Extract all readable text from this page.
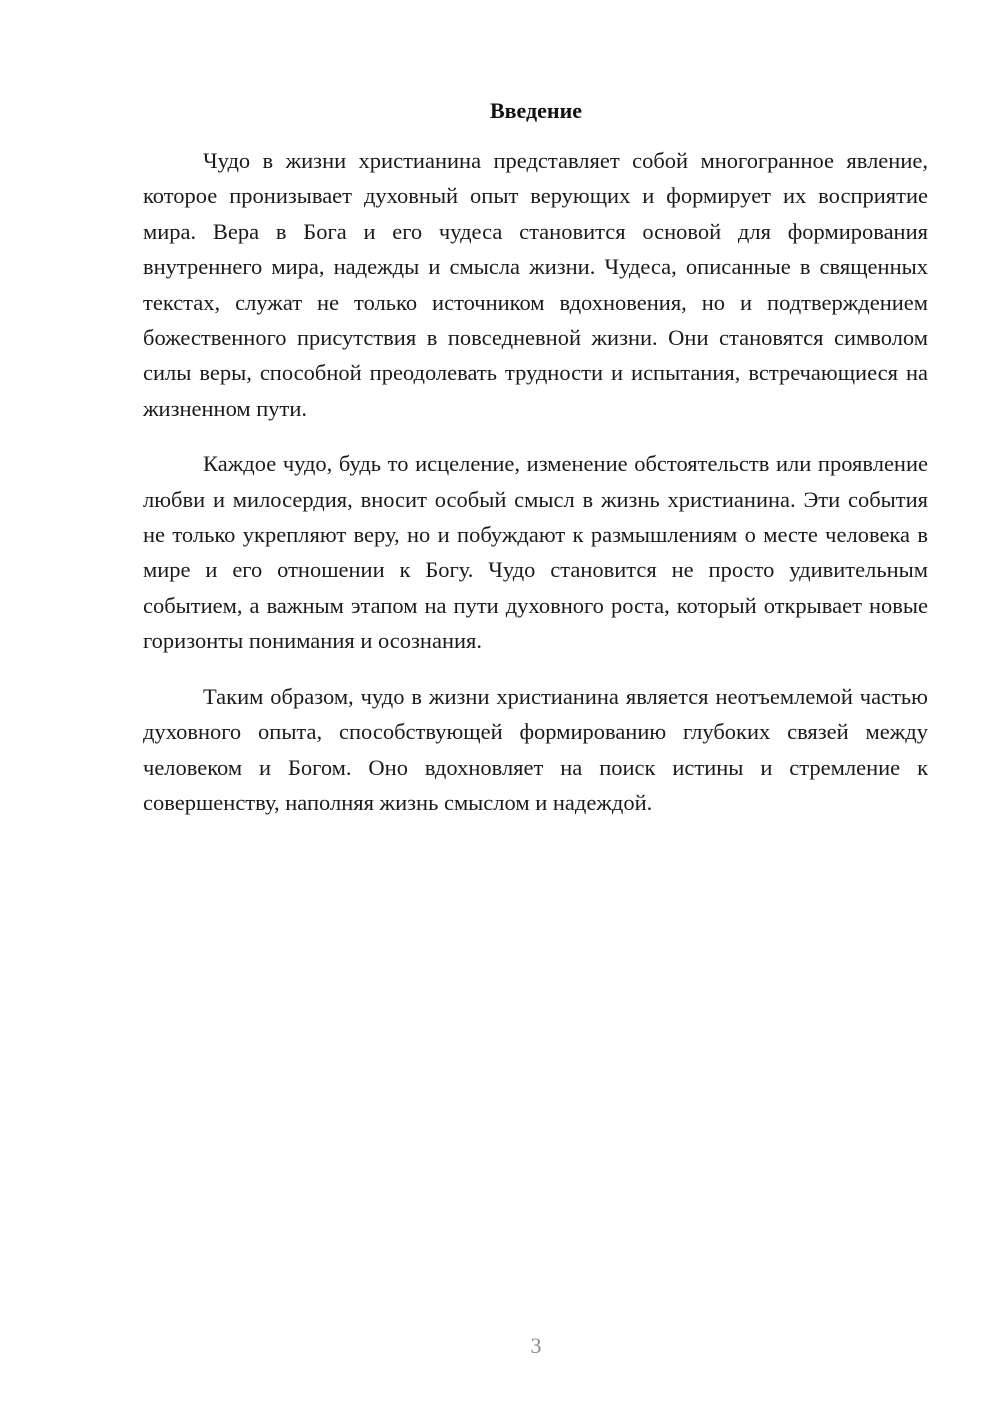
Введение

Чудо в жизни христианина представляет собой многогранное явление, которое пронизывает духовный опыт верующих и формирует их восприятие мира. Вера в Бога и его чудеса становится основой для формирования внутреннего мира, надежды и смысла жизни. Чудеса, описанные в священных текстах, служат не только источником вдохновения, но и подтверждением божественного присутствия в повседневной жизни. Они становятся символом силы веры, способной преодолевать трудности и испытания, встречающиеся на жизненном пути.

Каждое чудо, будь то исцеление, изменение обстоятельств или проявление любви и милосердия, вносит особый смысл в жизнь христианина. Эти события не только укрепляют веру, но и побуждают к размышлениям о месте человека в мире и его отношении к Богу. Чудо становится не просто удивительным событием, а важным этапом на пути духовного роста, который открывает новые горизонты понимания и осознания.

Таким образом, чудо в жизни христианина является неотъемлемой частью духовного опыта, способствующей формированию глубоких связей между человеком и Богом. Оно вдохновляет на поиск истины и стремление к совершенству, наполняя жизнь смыслом и надеждой.

3
